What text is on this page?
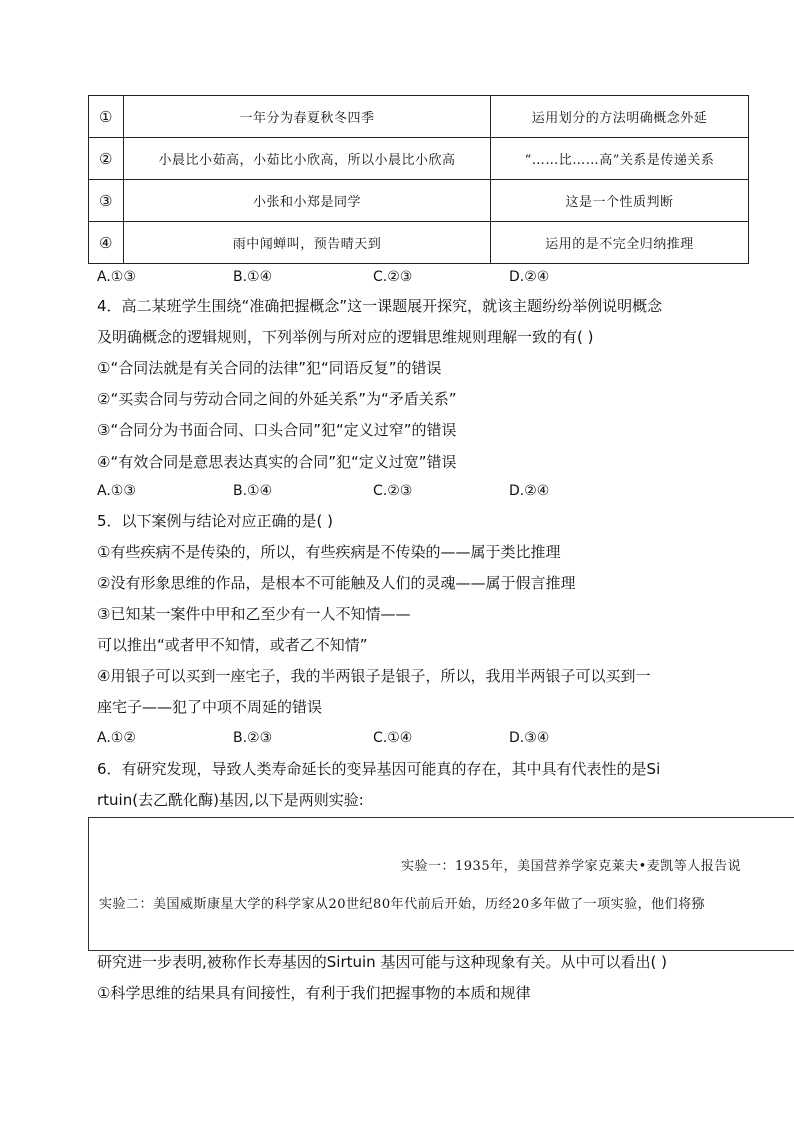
①	一年分为春夏秋冬四季	运用划分的方法明确概念外延
②	小晨比小茹高，小茹比小欣高，所以小晨比小欣高	“……比……高”关系是传递关系
③	小张和小郑是同学	这是一个性质判断
④	雨中闻蝉叫，预告晴天到	运用的是不完全归纳推理
A.①③	B.①④	C.②③	D.②④
4．高二某班学生围绕“准确把握概念”这一课题展开探究，就该主题纷纷举例说明概念
及明确概念的逻辑规则，下列举例与所对应的逻辑思维规则理解一致的有( )
①“合同法就是有关合同的法律”犯“同语反复”的错误
②“买卖合同与劳动合同之间的外延关系”为“矛盾关系”
③“合同分为书面合同、口头合同”犯“定义过窄”的错误
④“有效合同是意思表达真实的合同”犯“定义过宽”错误
A.①③	B.①④	C.②③	D.②④
5．以下案例与结论对应正确的是( )
①有些疾病不是传染的，所以，有些疾病是不传染的——属于类比推理
②没有形象思维的作品，是根本不可能触及人们的灵魂——属于假言推理
③已知某一案件中甲和乙至少有一人不知情——
可以推出“或者甲不知情，或者乙不知情”
④用银子可以买到一座宅子，我的半两银子是银子，所以，我用半两银子可以买到一
座宅子——犯了中项不周延的错误
A.①②	B.②③	C.①④	D.③④
6．有研究发现，导致人类寿命延长的变异基因可能真的存在，其中具有代表性的是Si
rtuin(去乙酰化酶)基因,以下是两则实验:
实验一：1935年，美国营养学家克莱夫•麦凯等人报告说
实验二：美国威斯康星大学的科学家从20世纪80年代前后开始，历经20多年做了一项实验，他们将猕
研究进一步表明,被称作长寿基因的Sirtuin 基因可能与这种现象有关。从中可以看出( )
①科学思维的结果具有间接性，有利于我们把握事物的本质和规律
